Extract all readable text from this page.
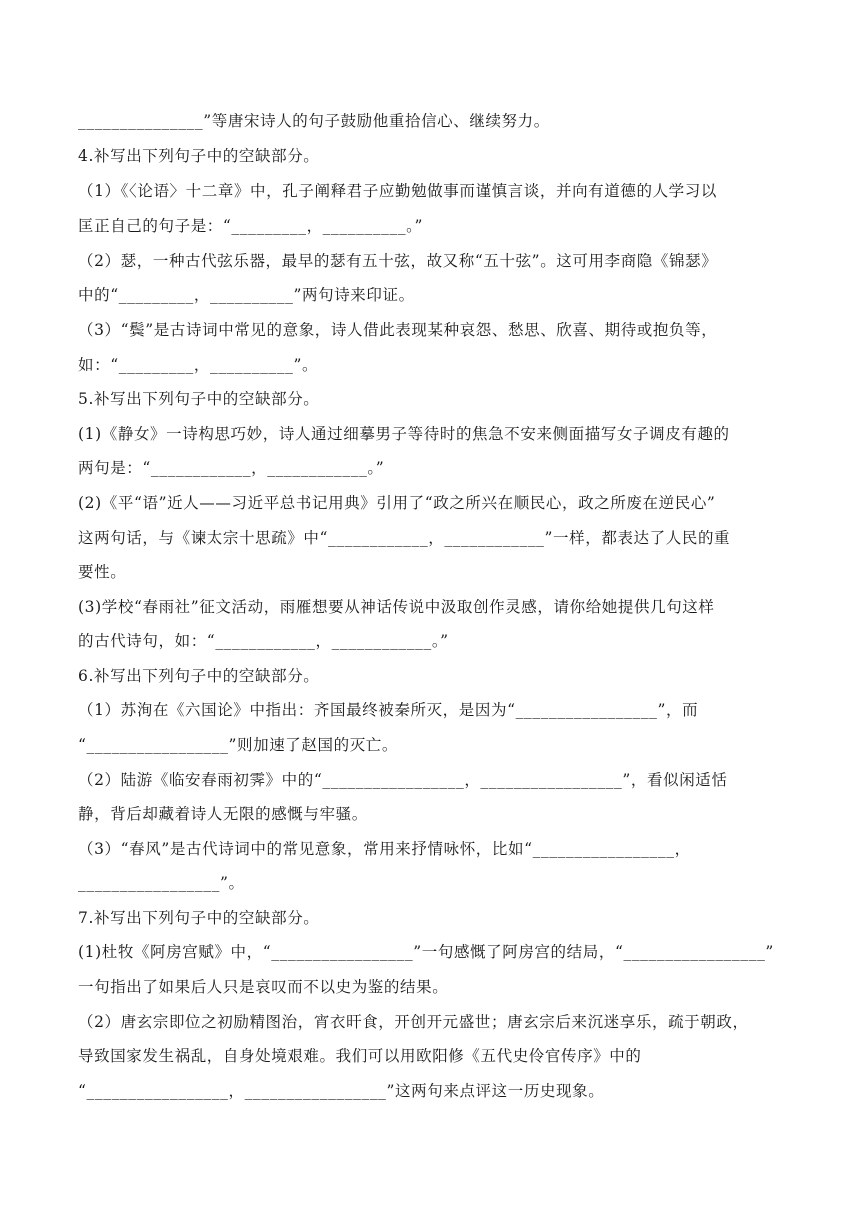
_______________”等唐宋诗人的句子鼓励他重拾信心、继续努力。
4.补写出下列句子中的空缺部分。
（1）《〈论语〉十二章》中，孔子阐释君子应勤勉做事而谨慎言谈，并向有道德的人学习以
匡正自己的句子是：“_________，__________。”
（2）瑟，一种古代弦乐器，最早的瑟有五十弦，故又称“五十弦”。这可用李商隐《锦瑟》
中的“_________，__________”两句诗来印证。
（3）“鬓”是古诗词中常见的意象，诗人借此表现某种哀怨、愁思、欣喜、期待或抱负等，
如：“_________，__________”。
5.补写出下列句子中的空缺部分。
(1)《静女》一诗构思巧妙，诗人通过细摹男子等待时的焦急不安来侧面描写女子调皮有趣的
两句是：“____________，____________。”
(2)《平“语”近人——习近平总书记用典》引用了“政之所兴在顺民心，政之所废在逆民心”
这两句话，与《谏太宗十思疏》中“____________，____________”一样，都表达了人民的重
要性。
(3)学校“春雨社”征文活动，雨雁想要从神话传说中汲取创作灵感，请你给她提供几句这样
的古代诗句，如：“____________，____________。”
6.补写出下列句子中的空缺部分。
（1）苏洵在《六国论》中指出：齐国最终被秦所灭，是因为“_________________”，而
“_________________”则加速了赵国的灭亡。
（2）陆游《临安春雨初霁》中的“_________________，_________________”，看似闲适恬
静，背后却藏着诗人无限的感慨与牢骚。
（3）“春风”是古代诗词中的常见意象，常用来抒情咏怀，比如“_________________，
_________________”。
7.补写出下列句子中的空缺部分。
(1)杜牧《阿房宫赋》中，“_________________”一句感慨了阿房宫的结局，“_________________”
一句指出了如果后人只是哀叹而不以史为鉴的结果。
（2）唐玄宗即位之初励精图治，宵衣旰食，开创开元盛世；唐玄宗后来沉迷享乐，疏于朝政，
导致国家发生祸乱，自身处境艰难。我们可以用欧阳修《五代史伶官传序》中的
“_________________，_________________”这两句来点评这一历史现象。
